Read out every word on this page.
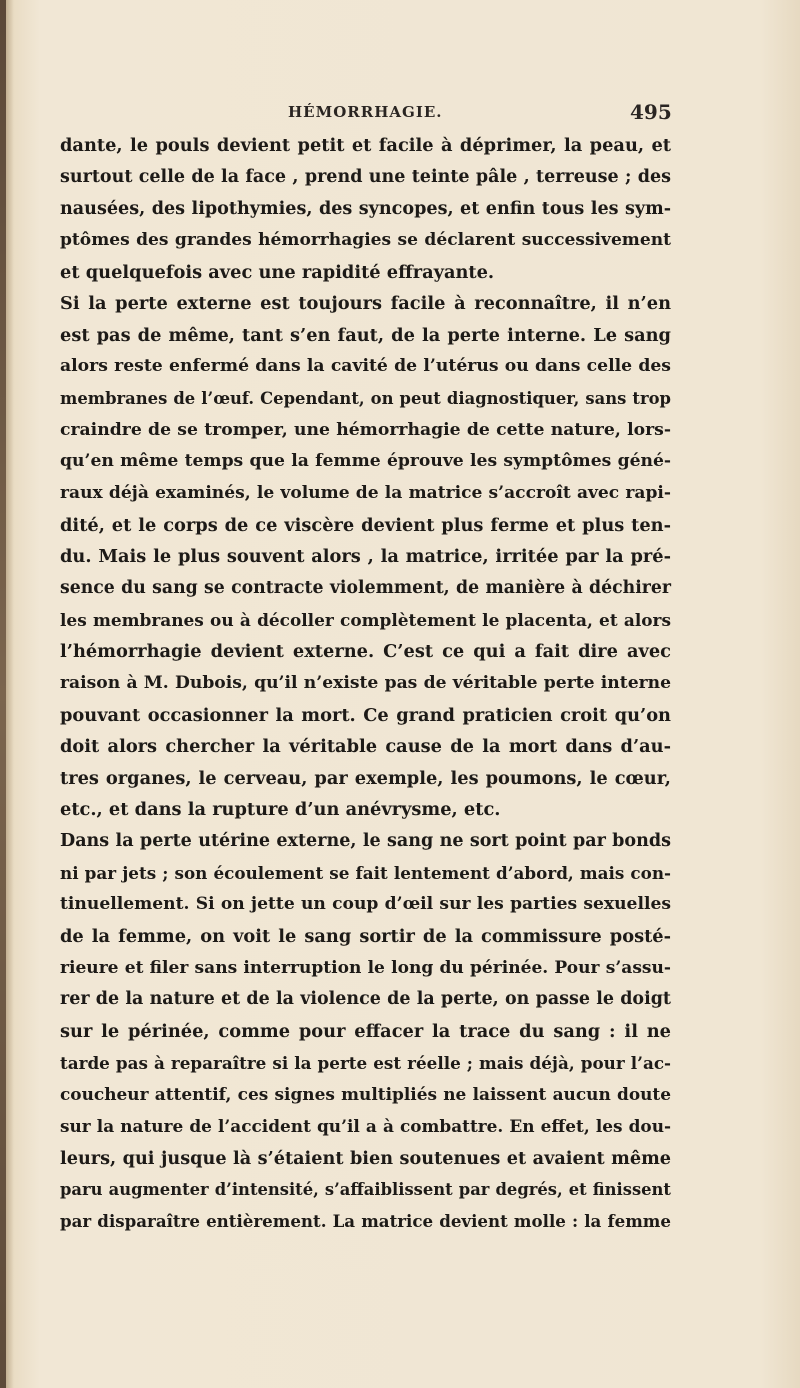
HÉMORRHAGIE.	495
dante, le pouls devient petit et facile à déprimer, la peau, et
surtout celle de la face , prend une teinte pâle , terreuse ; des
nausées, des lipothymies, des syncopes, et enfin tous les sym-
ptômes des grandes hémorrhagies se déclarent successivement
et quelquefois avec une rapidité effrayante.
Si la perte externe est toujours facile à reconnaître, il n’en
est pas de même, tant s’en faut, de la perte interne. Le sang
alors reste enfermé dans la cavité de l’utérus ou dans celle des
membranes de l’œuf. Cependant, on peut diagnostiquer, sans trop
craindre de se tromper, une hémorrhagie de cette nature, lors-
qu’en même temps que la femme éprouve les symptômes géné-
raux déjà examinés, le volume de la matrice s’accroît avec rapi-
dité, et le corps de ce viscère devient plus ferme et plus ten-
du. Mais le plus souvent alors , la matrice, irritée par la pré-
sence du sang se contracte violemment, de manière à déchirer
les membranes ou à décoller complètement le placenta, et alors
l’hémorrhagie devient externe. C’est ce qui a fait dire avec
raison à M. Dubois, qu’il n’existe pas de véritable perte interne
pouvant occasionner la mort. Ce grand praticien croit qu’on
doit alors chercher la véritable cause de la mort dans d’au-
tres organes, le cerveau, par exemple, les poumons, le cœur,
etc., et dans la rupture d’un anévrysme, etc.
Dans la perte utérine externe, le sang ne sort point par bonds
ni par jets ; son écoulement se fait lentement d’abord, mais con-
tinuellement. Si on jette un coup d’œil sur les parties sexuelles
de la femme, on voit le sang sortir de la commissure posté-
rieure et filer sans interruption le long du périnée. Pour s’assu-
rer de la nature et de la violence de la perte, on passe le doigt
sur le périnée, comme pour effacer la trace du sang : il ne
tarde pas à reparaître si la perte est réelle ; mais déjà, pour l’ac-
coucheur attentif, ces signes multipliés ne laissent aucun doute
sur la nature de l’accident qu’il a à combattre. En effet, les dou-
leurs, qui jusque là s’étaient bien soutenues et avaient même
paru augmenter d’intensité, s’affaiblissent par degrés, et finissent
par disparaître entièrement. La matrice devient molle : la femme
